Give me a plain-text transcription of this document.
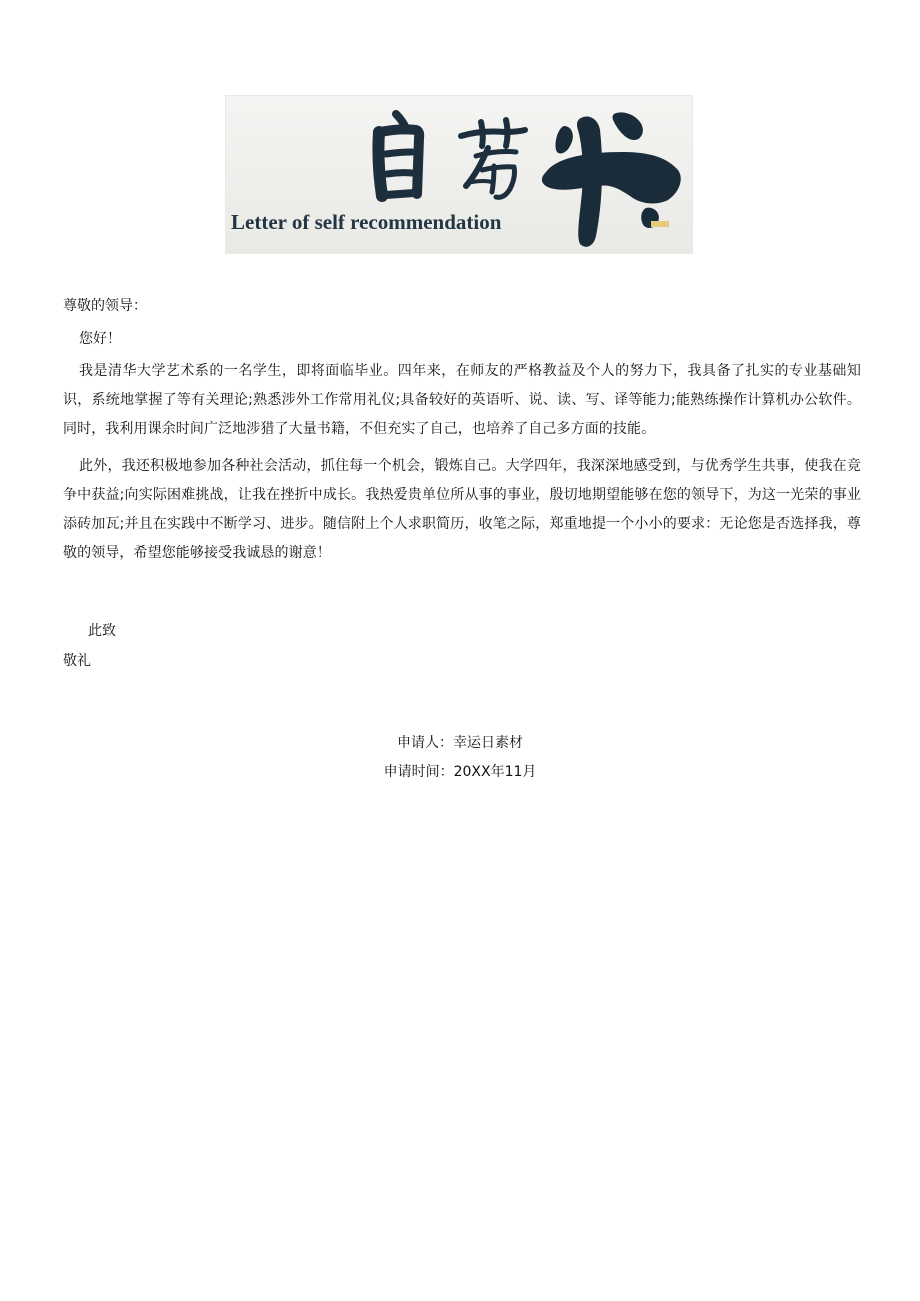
Letter of self recommendation

尊敬的领导：

您好！

我是清华大学艺术系的一名学生，即将面临毕业。四年来，在师友的严格教益及个人的努力下，我具备了扎实的专业基础知识，系统地掌握了等有关理论;熟悉涉外工作常用礼仪;具备较好的英语听、说、读、写、译等能力;能熟练操作计算机办公软件。同时，我利用课余时间广泛地涉猎了大量书籍，不但充实了自己，也培养了自己多方面的技能。

此外，我还积极地参加各种社会活动，抓住每一个机会，锻炼自己。大学四年，我深深地感受到，与优秀学生共事，使我在竞争中获益;向实际困难挑战，让我在挫折中成长。我热爱贵单位所从事的事业，殷切地期望能够在您的领导下，为这一光荣的事业添砖加瓦;并且在实践中不断学习、进步。随信附上个人求职简历，收笔之际，郑重地提一个小小的要求：无论您是否选择我，尊敬的领导，希望您能够接受我诚恳的谢意！

此致

敬礼

申请人：幸运日素材

申请时间：20XX年11月
